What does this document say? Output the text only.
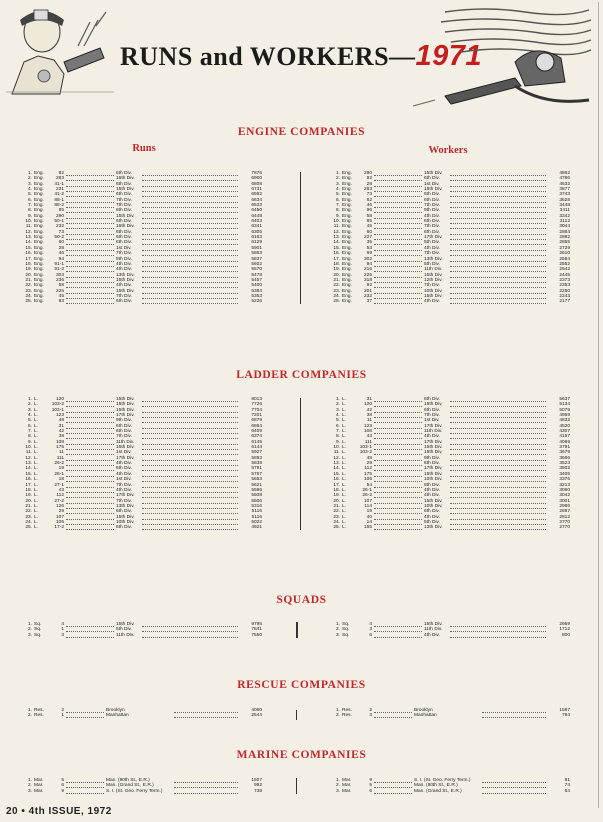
RUNS and WORKERS—1971
ENGINE COMPANIES
Runs	Workers
1. Eng.	82	6th Div.	7876
2. Eng.	283	15th Div.	6900
3. Eng.	41-1	6th Div.	6808
4. Eng.	231	15th Div.	6731
5. Eng.	41-2	6th Div.	6592
6. Eng.	88-1	7th Div.	6634
7. Eng.	88-2	7th Div.	6533
8. Eng.	85	6th Div.	6450
9. Eng.	290	15th Div.	6448
10. Eng.	50-1	6th Div.	6403
11. Eng.	232	15th Div.	6341
12. Eng.	73	6th Div.	6305
13. Eng.	50-2	6th Div.	6163
14. Eng.	60	6th Div.	6129
15. Eng.	28	1st Div.	5901
16. Eng.	46	7th Div.	5863
17. Eng.	94	9th Div.	5837
18. Eng.	91-1	4th Div.	5602
19. Eng.	91-2	4th Div.	5570
20. Eng.	303	13th Div.	5478
21. Eng.	236	15th Div.	5457
22. Eng.	58	4th Div.	5400
23. Eng.	225	15th Div.	5384
24. Eng.	45	7th Div.	5353
25. Eng.	83	6th Div.	5226
1. Eng.	290	15th Div.	4862
2. Eng.	82	6th Div.	4786
3. Eng.	28	1st Div.	4632
4. Eng.	283	15th Div.	3877
5. Eng.	73	6th Div.	3743
6. Eng.	82	6th Div.	3628
7. Eng.	46	7th Div.	3448
8. Eng.	96	9th Div.	3411
9. Eng.	58	4th Div.	3342
10. Eng.	85	6th Div.	3112
11. Eng.	45	7th Div.	3044
12. Eng.	60	6th Div.	2884
13. Eng.	227	17th Div.	2882
14. Eng.	35	5th Div.	2855
15. Eng.	53	4th Div.	2729
16. Eng.	69	7th Div.	2610
17. Eng.	302	13th Div.	2584
18. Eng.	94	5th Div.	2552
19. Eng.	216	11th Div.	2542
20. Eng.	225	15th Div.	2445
21. Eng.	318	12th Div.	2373
22. Eng.	92	7th Div.	2353
23. Eng.	201	10th Div.	2250
24. Eng.	232	15th Div.	2243
25. Eng.	37	4th Div.	2177
LADDER COMPANIES
1. L.	120	15th Div.	8013
2. L.	103-2	15th Div.	7726
3. L.	103-1	15th Div.	7704
4. L.	123	17th Div.	7201
5. L.	48	9th Div.	6879
6. L.	31	6th Div.	6864
7. L.	42	6th Div.	6409
8. L.	38	7th Div.	6374
9. L.	108	11th Div.	6145
10. L.	175	15th Div.	6144
11. L.	11	1st Div.	5927
12. L.	111	17th Div.	5893
13. L.	26-2	4th Div.	5838
14. L.	19	6th Div.	5791
15. L.	26-1	4th Div.	5767
16. L.	18	1st Div.	5653
17. L.	27-1	7th Div.	5621
18. L.	43	4th Div.	5596
19. L.	112	17th Div.	5508
20. L.	27-2	7th Div.	5506
21. L.	126	13th Div.	5316
22. L.	29	6th Div.	5116
23. L.	107	15th Div.	5116
24. L.	105	10th Div.	5022
25. L.	17-2	6th Div.	4921
1. L.	31	6th Div.	5637
2. L.	120	15th Div.	5134
3. L.	42	6th Div.	5079
4. L.	38	7th Div.	4959
5. L.	11	1st Div.	4832
6. L.	123	17th Div.	4520
7. L.	108	11th Div.	4307
8. L.	43	4th Div.	4157
9. L.	111	17th Div.	4069
10. L.	103-1	15th Div.	3791
11. L.	103-2	15th Div.	3679
12. L.	48	9th Div.	3566
13. L.	29	6th Div.	3523
14. L.	112	17th Div.	3502
15. L.	175	15th Div.	3405
16. L.	105	10th Div.	3376
17. L.	54	9th Div.	3213
18. L.	26-1	4th Div.	3060
19. L.	26-2	4th Div.	3042
20. L.	107	15th Div.	3001
21. L.	114	10th Div.	2986
22. L.	19	6th Div.	2897
23. L.	40	4th Div.	2812
24. L.	14	5th Div.	2770
25. L.	155	13th Div.	2770
SQUADS
1. Sq.	4	15th Div.	9795
2. Sq.	1	5th Div.	7841
3. Sq.	3	11th Div.	7550
1. Sq.	4	15th Div.	2959
2. Sq.	3	11th Div.	1712
3. Sq.	6	4th Div.	800
RESCUE COMPANIES
1. Res.	2	Brooklyn	4060
2. Res.	1	Manhattan	2544
1. Res.	2	Brooklyn	1587
2. Res.	3	Manhattan	784
MARINE COMPANIES
1. Mar.	5	Man. (90th St., E.R.)	1507
2. Mar.	6	Man. (Grand St., E.R.)	992
3. Mar.	9	S. I. (St. Geo. Ferry Term.)	738
1. Mar.	9	S. I. (St. Geo. Ferry Term.)	81
2. Mar.	5	Man. (90th St., E.R.)	74
3. Mar.	6	Man. (Grand St., E.R.)	64
20 • 4th ISSUE, 1972
